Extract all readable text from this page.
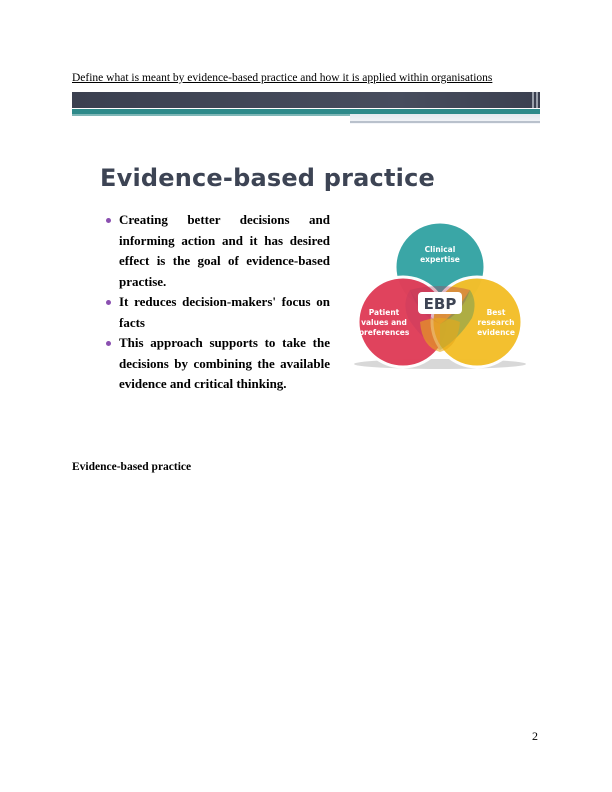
Define what is meant by evidence-based practice and how it is applied within organisations
Evidence-based practice
Creating better decisions and informing action and it has desired effect is the goal of evidence-based practise.
It reduces decision-makers' focus on facts
This approach supports to take the decisions by combining the available evidence and critical thinking.
EBP
Clinical
expertise
Patient
values and
preferences
Best
research
evidence
Evidence-based practice
2
